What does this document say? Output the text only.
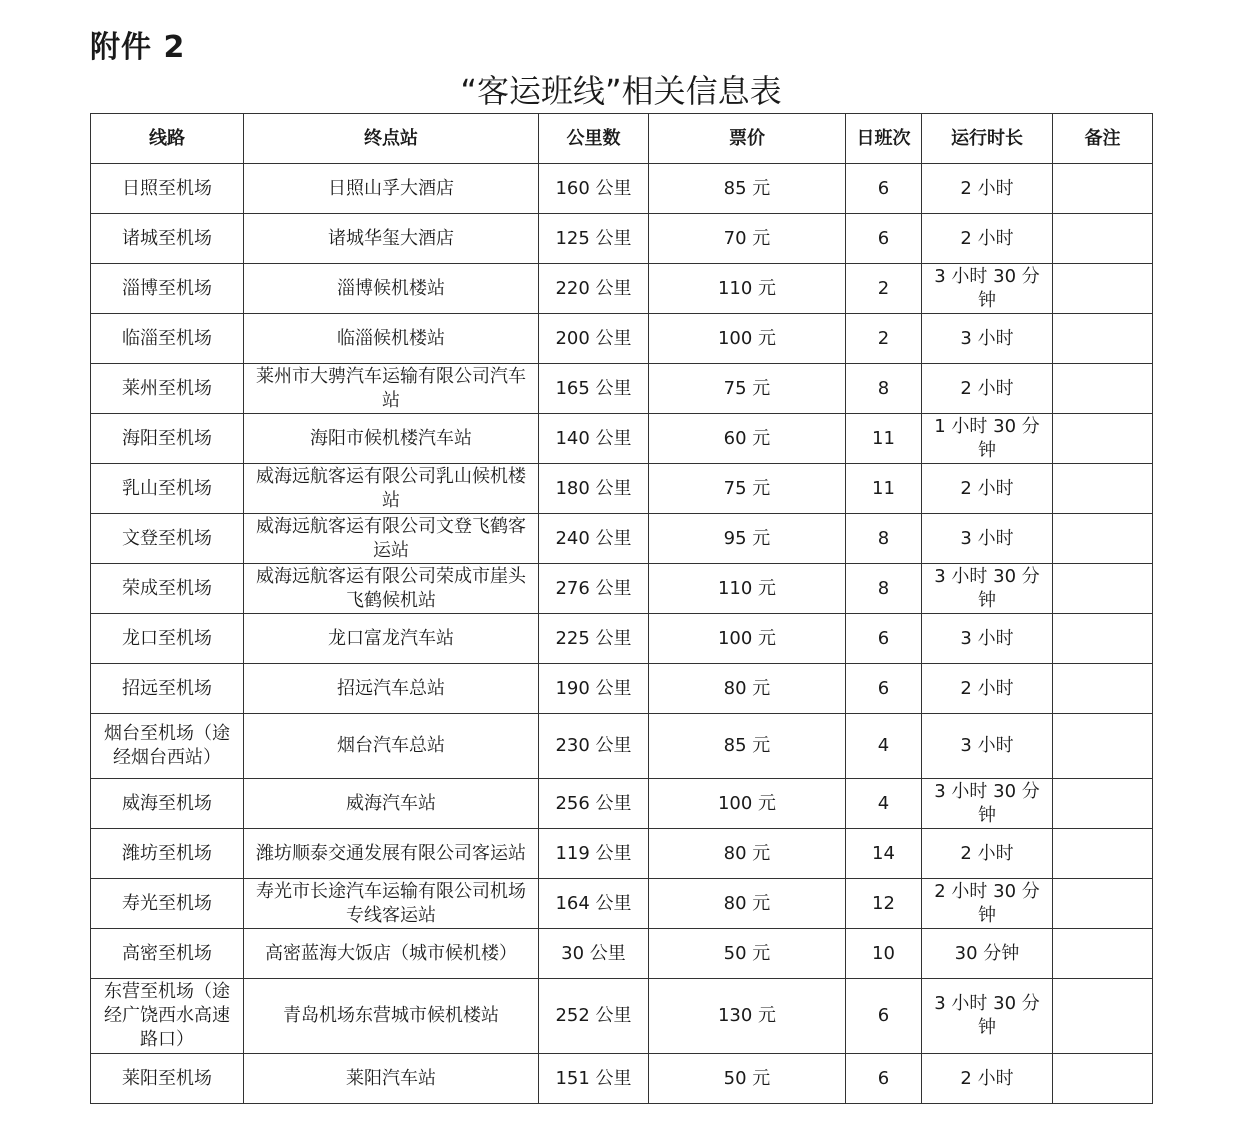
附件 2
“客运班线”相关信息表
线路	终点站	公里数	票价	日班次	运行时长	备注
日照至机场	日照山孚大酒店	160 公里	85 元	6	2 小时	
诸城至机场	诸城华玺大酒店	125 公里	70 元	6	2 小时	
淄博至机场	淄博候机楼站	220 公里	110 元	2	3 小时 30 分钟	
临淄至机场	临淄候机楼站	200 公里	100 元	2	3 小时	
莱州至机场	莱州市大骋汽车运输有限公司汽车站	165 公里	75 元	8	2 小时	
海阳至机场	海阳市候机楼汽车站	140 公里	60 元	11	1 小时 30 分钟	
乳山至机场	威海远航客运有限公司乳山候机楼站	180 公里	75 元	11	2 小时	
文登至机场	威海远航客运有限公司文登飞鹤客运站	240 公里	95 元	8	3 小时	
荣成至机场	威海远航客运有限公司荣成市崖头飞鹤候机站	276 公里	110 元	8	3 小时 30 分钟	
龙口至机场	龙口富龙汽车站	225 公里	100 元	6	3 小时	
招远至机场	招远汽车总站	190 公里	80 元	6	2 小时	
烟台至机场（途经烟台西站）	烟台汽车总站	230 公里	85 元	4	3 小时	
威海至机场	威海汽车站	256 公里	100 元	4	3 小时 30 分钟	
潍坊至机场	潍坊顺泰交通发展有限公司客运站	119 公里	80 元	14	2 小时	
寿光至机场	寿光市长途汽车运输有限公司机场专线客运站	164 公里	80 元	12	2 小时 30 分钟	
高密至机场	高密蓝海大饭店（城市候机楼）	30 公里	50 元	10	30 分钟	
东营至机场（途经广饶西水高速路口）	青岛机场东营城市候机楼站	252 公里	130 元	6	3 小时 30 分钟	
莱阳至机场	莱阳汽车站	151 公里	50 元	6	2 小时	
